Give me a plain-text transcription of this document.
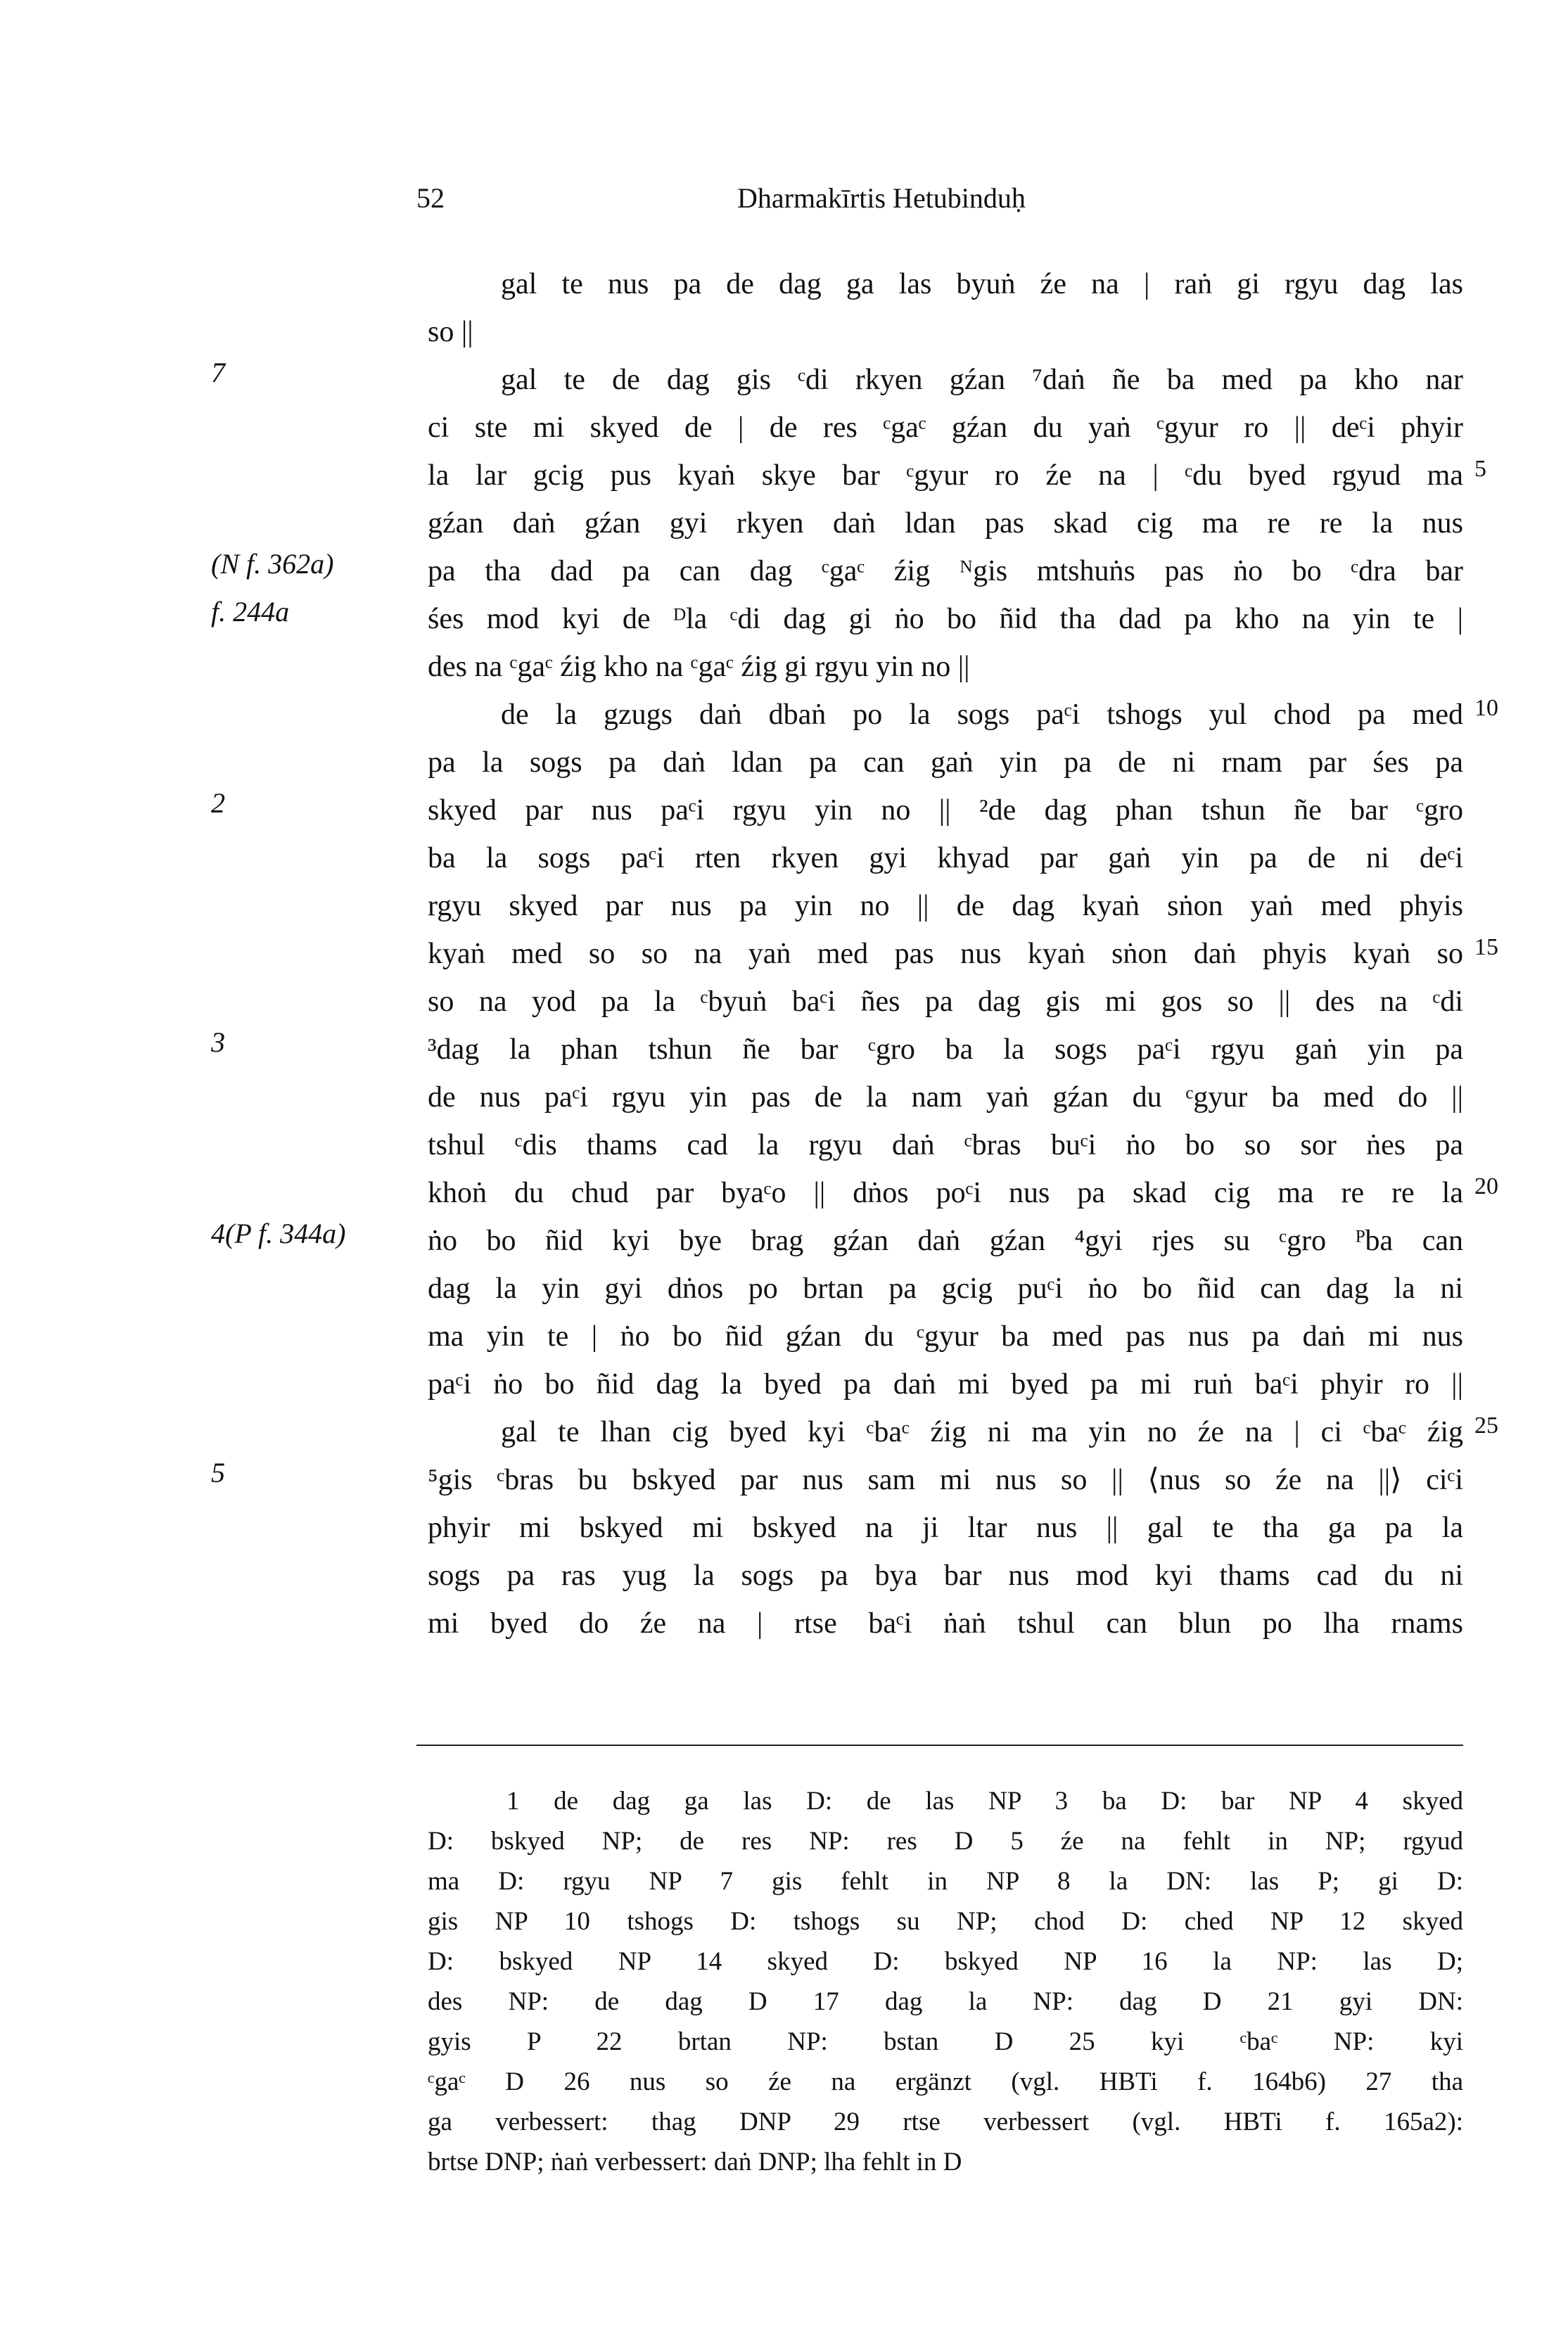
52	Dharmakīrtis Hetubinduḥ
gal te nus pa de dag ga las byuṅ źe na | raṅ gi rgyu dag las
so ||
gal te de dag gis ᶜdi rkyen gźan ⁷daṅ ñe ba med pa kho nar
ci ste mi skyed de | de res ᶜgaᶜ gźan du yaṅ ᶜgyur ro || deᶜi phyir
la lar gcig pus kyaṅ skye bar ᶜgyur ro źe na | ᶜdu byed rgyud ma
gźan daṅ gźan gyi rkyen daṅ ldan pas skad cig ma re re la nus
pa tha dad pa can dag ᶜgaᶜ źig ᴺgis mtshuṅs pas ṅo bo ᶜdra bar
śes mod kyi de ᴰla ᶜdi dag gi ṅo bo ñid tha dad pa kho na yin te |
des na ᶜgaᶜ źig kho na ᶜgaᶜ źig gi rgyu yin no ||
de la gzugs daṅ dbaṅ po la sogs paᶜi tshogs yul chod pa med
pa la sogs pa daṅ ldan pa can gaṅ yin pa de ni rnam par śes pa
skyed par nus paᶜi rgyu yin no || ²de dag phan tshun ñe bar ᶜgro
ba la sogs paᶜi rten rkyen gyi khyad par gaṅ yin pa de ni deᶜi
rgyu skyed par nus pa yin no || de dag kyaṅ sṅon yaṅ med phyis
kyaṅ med so so na yaṅ med pas nus kyaṅ sṅon daṅ phyis kyaṅ so
so na yod pa la ᶜbyuṅ baᶜi ñes pa dag gis mi gos so || des na ᶜdi
³dag la phan tshun ñe bar ᶜgro ba la sogs paᶜi rgyu gaṅ yin pa
de nus paᶜi rgyu yin pas de la nam yaṅ gźan du ᶜgyur ba med do ||
tshul ᶜdis thams cad la rgyu daṅ ᶜbras buᶜi ṅo bo so sor ṅes pa
khoṅ du chud par byaᶜo || dṅos poᶜi nus pa skad cig ma re re la
ṅo bo ñid kyi bye brag gźan daṅ gźan ⁴gyi rjes su ᶜgro ᴾba can
dag la yin gyi dṅos po brtan pa gcig puᶜi ṅo bo ñid can dag la ni
ma yin te | ṅo bo ñid gźan du ᶜgyur ba med pas nus pa daṅ mi nus
paᶜi ṅo bo ñid dag la byed pa daṅ mi byed pa mi ruṅ baᶜi phyir ro ||
gal te lhan cig byed kyi ᶜbaᶜ źig ni ma yin no źe na | ci ᶜbaᶜ źig
⁵gis ᶜbras bu bskyed par nus sam mi nus so || ⟨nus so źe na ||⟩ ciᶜi
phyir mi bskyed mi bskyed na ji ltar nus || gal te tha ga pa la
sogs pa ras yug la sogs pa bya bar nus mod kyi thams cad du ni
mi byed do źe na | rtse baᶜi ṅaṅ tshul can blun po lha rnams
7
(N f. 362a)
f. 244a
2
3
4(P f. 344a)
5
5
10
15
20
25
1 de dag ga las D: de las NP 3 ba D: bar NP 4 skyed
D: bskyed NP; de res NP: res D 5 źe na fehlt in NP; rgyud
ma D: rgyu NP 7 gis fehlt in NP 8 la DN: las P; gi D:
gis NP 10 tshogs D: tshogs su NP; chod D: ched NP 12 skyed
D: bskyed NP 14 skyed D: bskyed NP 16 la NP: las D;
des NP: de dag D 17 dag la NP: dag D 21 gyi DN:
gyis P 22 brtan NP: bstan D 25 kyi ᶜbaᶜ NP: kyi
ᶜgaᶜ D 26 nus so źe na ergänzt (vgl. HBTi f. 164b6) 27 tha
ga verbessert: thag DNP 29 rtse verbessert (vgl. HBTi f. 165a2):
brtse DNP; ṅaṅ verbessert: daṅ DNP; lha fehlt in D
